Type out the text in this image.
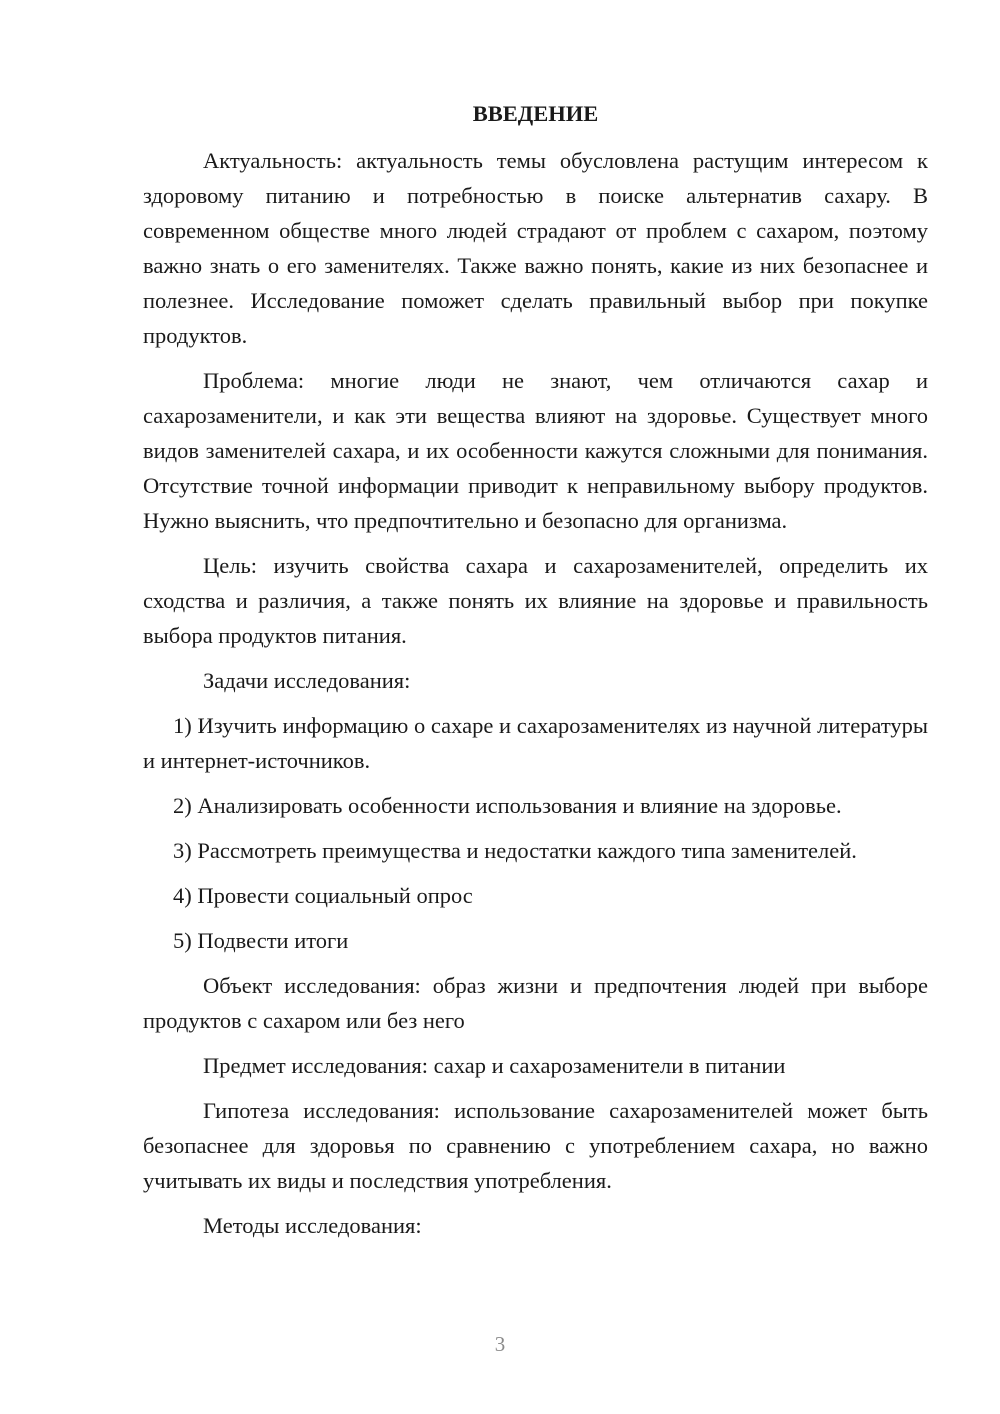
ВВЕДЕНИЕ

Актуальность: актуальность темы обусловлена растущим интересом к здоровому питанию и потребностью в поиске альтернатив сахару. В современном обществе много людей страдают от проблем с сахаром, поэтому важно знать о его заменителях. Также важно понять, какие из них безопаснее и полезнее. Исследование поможет сделать правильный выбор при покупке продуктов.

Проблема: многие люди не знают, чем отличаются сахар и сахарозаменители, и как эти вещества влияют на здоровье. Существует много видов заменителей сахара, и их особенности кажутся сложными для понимания. Отсутствие точной информации приводит к неправильному выбору продуктов. Нужно выяснить, что предпочтительно и безопасно для организма.

Цель: изучить свойства сахара и сахарозаменителей, определить их сходства и различия, а также понять их влияние на здоровье и правильность выбора продуктов питания.

Задачи исследования:

1) Изучить информацию о сахаре и сахарозаменителях из научной литературы и интернет-источников.

2) Анализировать особенности использования и влияние на здоровье.

3) Рассмотреть преимущества и недостатки каждого типа заменителей.

4) Провести социальный опрос

5) Подвести итоги

Объект исследования: образ жизни и предпочтения людей при выборе продуктов с сахаром или без него

Предмет исследования: сахар и сахарозаменители в питании

Гипотеза исследования: использование сахарозаменителей может быть безопаснее для здоровья по сравнению с употреблением сахара, но важно учитывать их виды и последствия употребления.

Методы исследования:

3
